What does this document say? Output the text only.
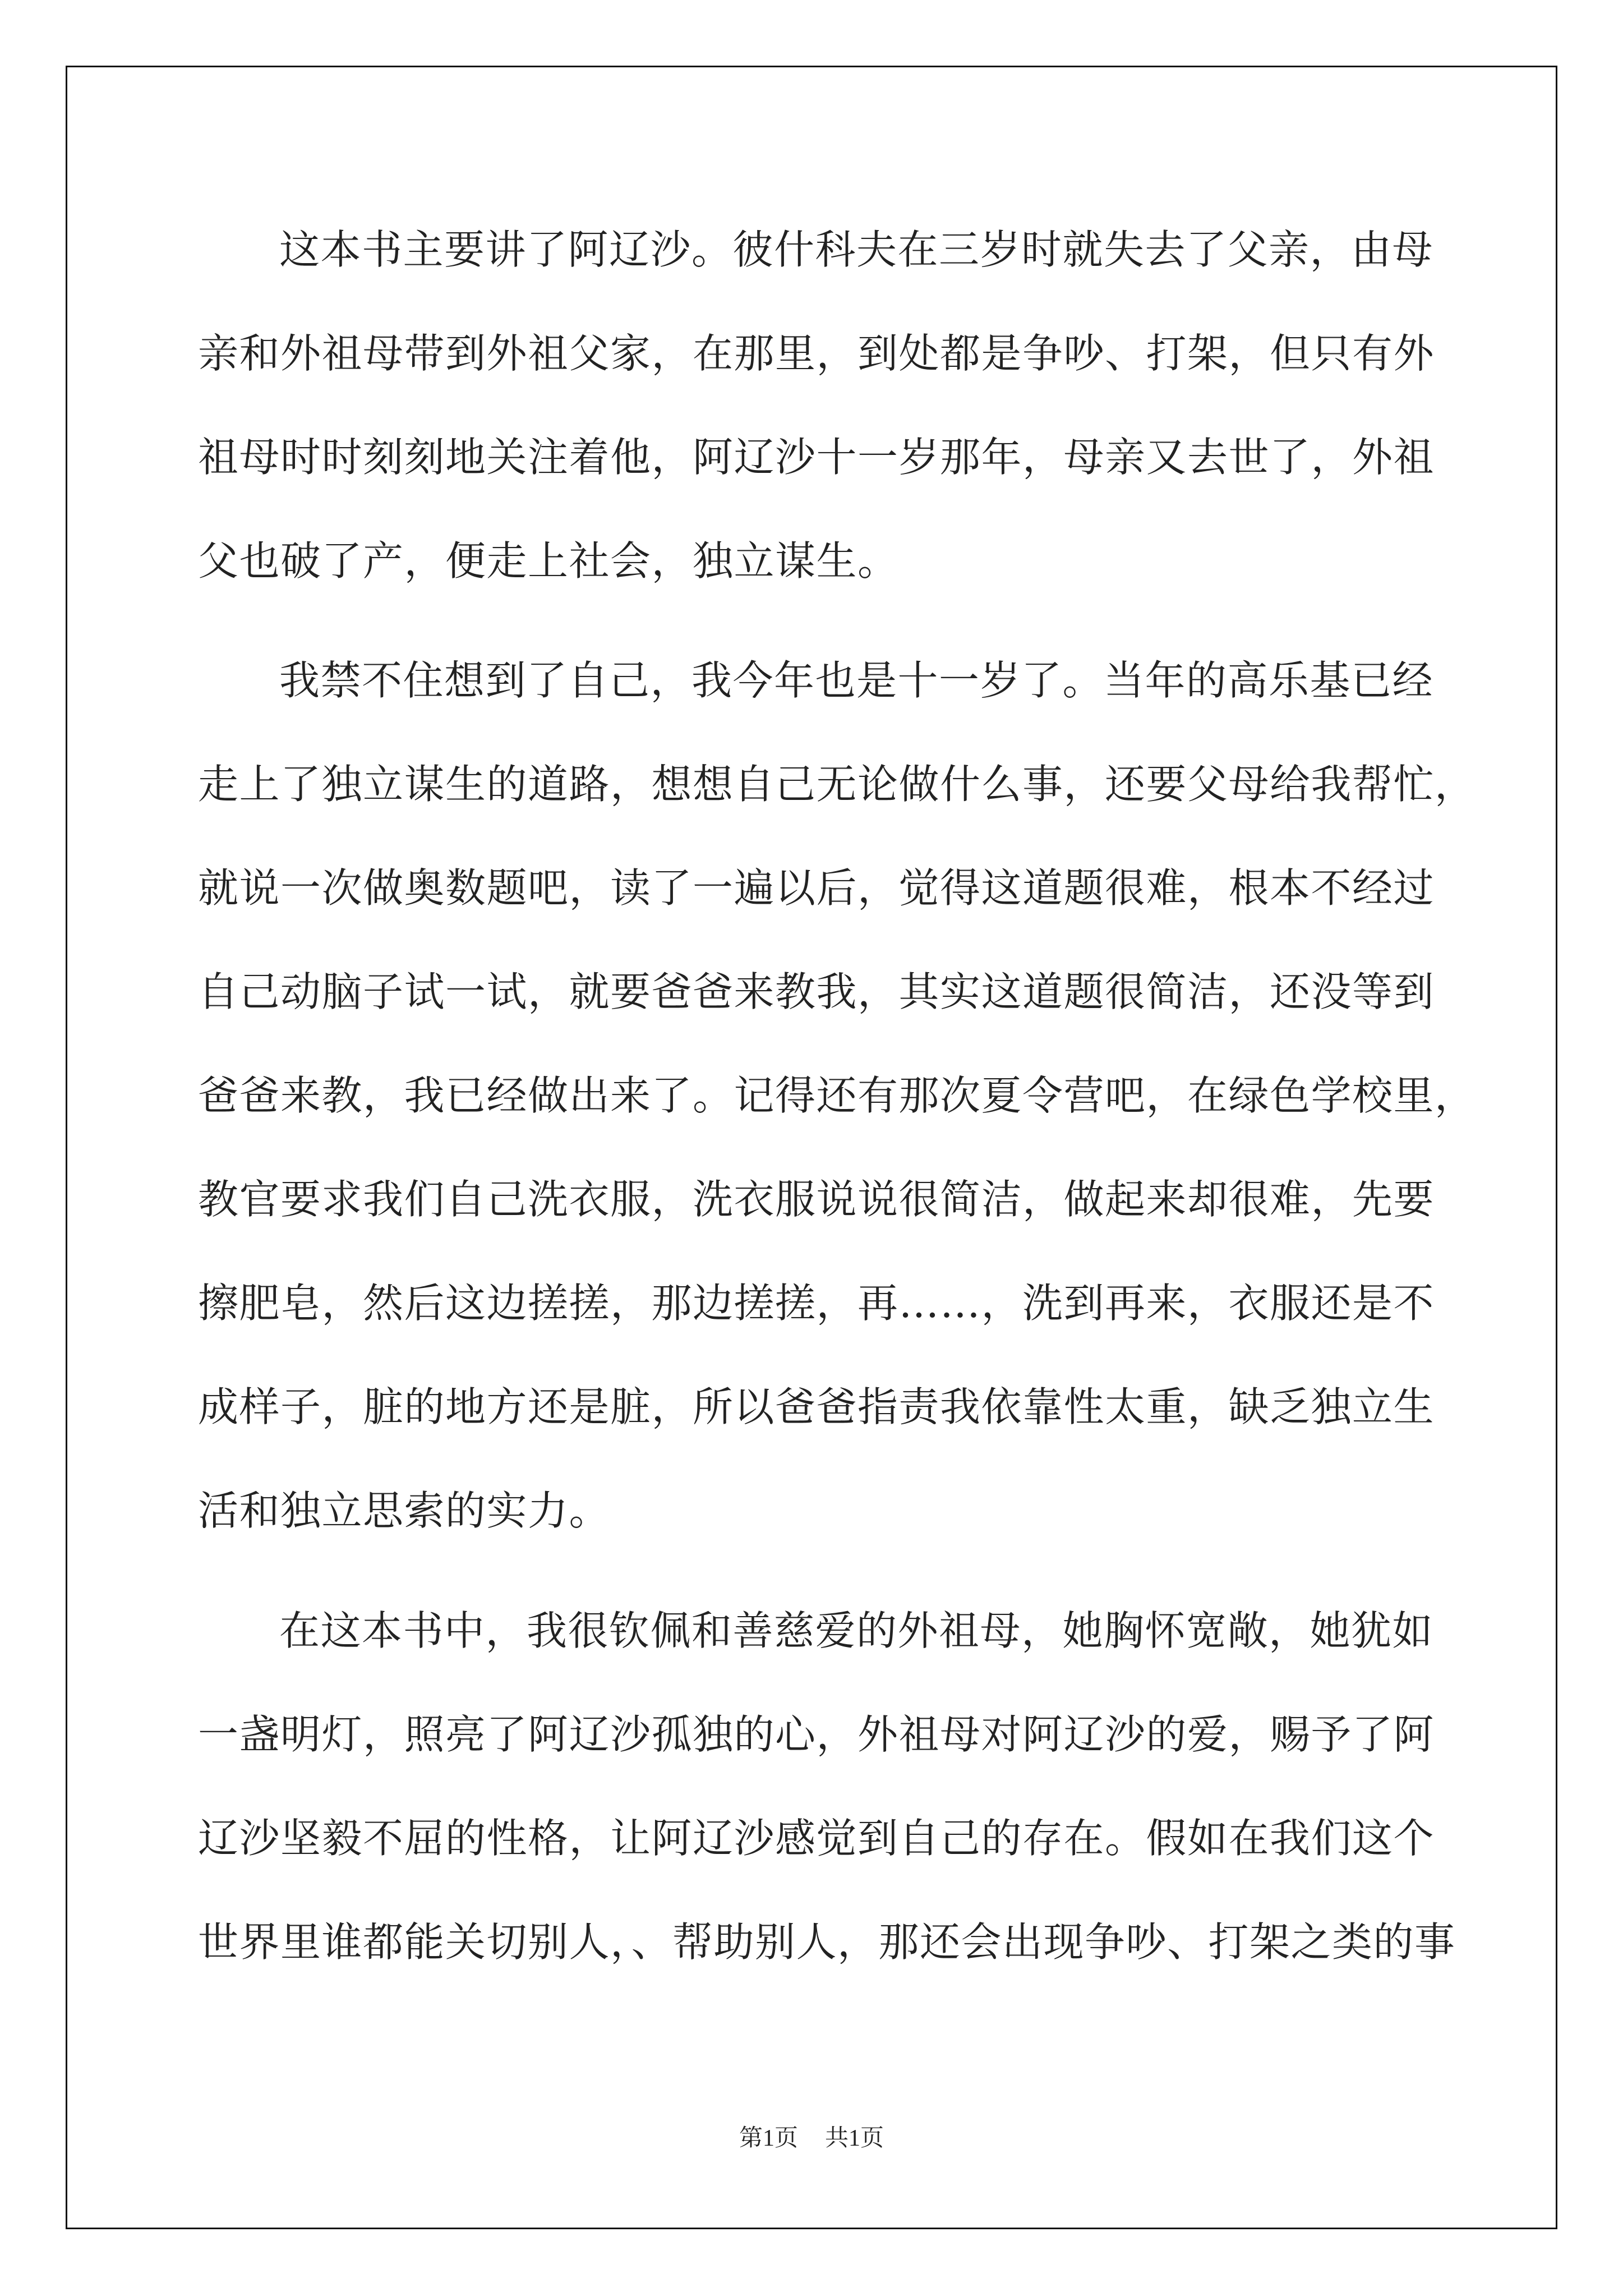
这本书主要讲了阿辽沙。彼什科夫在三岁时就失去了父亲，由母
亲和外祖母带到外祖父家，在那里，到处都是争吵、打架，但只有外
祖母时时刻刻地关注着他，阿辽沙十一岁那年，母亲又去世了，外祖
父也破了产，便走上社会，独立谋生。
我禁不住想到了自己，我今年也是十一岁了。当年的高乐基已经
走上了独立谋生的道路，想想自己无论做什么事，还要父母给我帮忙，
就说一次做奥数题吧，读了一遍以后，觉得这道题很难，根本不经过
自己动脑子试一试，就要爸爸来教我，其实这道题很简洁，还没等到
爸爸来教，我已经做出来了。记得还有那次夏令营吧，在绿色学校里，
教官要求我们自己洗衣服，洗衣服说说很简洁，做起来却很难，先要
擦肥皂，然后这边搓搓，那边搓搓，再……，洗到再来，衣服还是不
成样子，脏的地方还是脏，所以爸爸指责我依靠性太重，缺乏独立生
活和独立思索的实力。
在这本书中，我很钦佩和善慈爱的外祖母，她胸怀宽敞，她犹如
一盏明灯，照亮了阿辽沙孤独的心，外祖母对阿辽沙的爱，赐予了阿
辽沙坚毅不屈的性格，让阿辽沙感觉到自己的存在。假如在我们这个
世界里谁都能关切别人，、帮助别人，那还会出现争吵、打架之类的事
第1页 共1页
